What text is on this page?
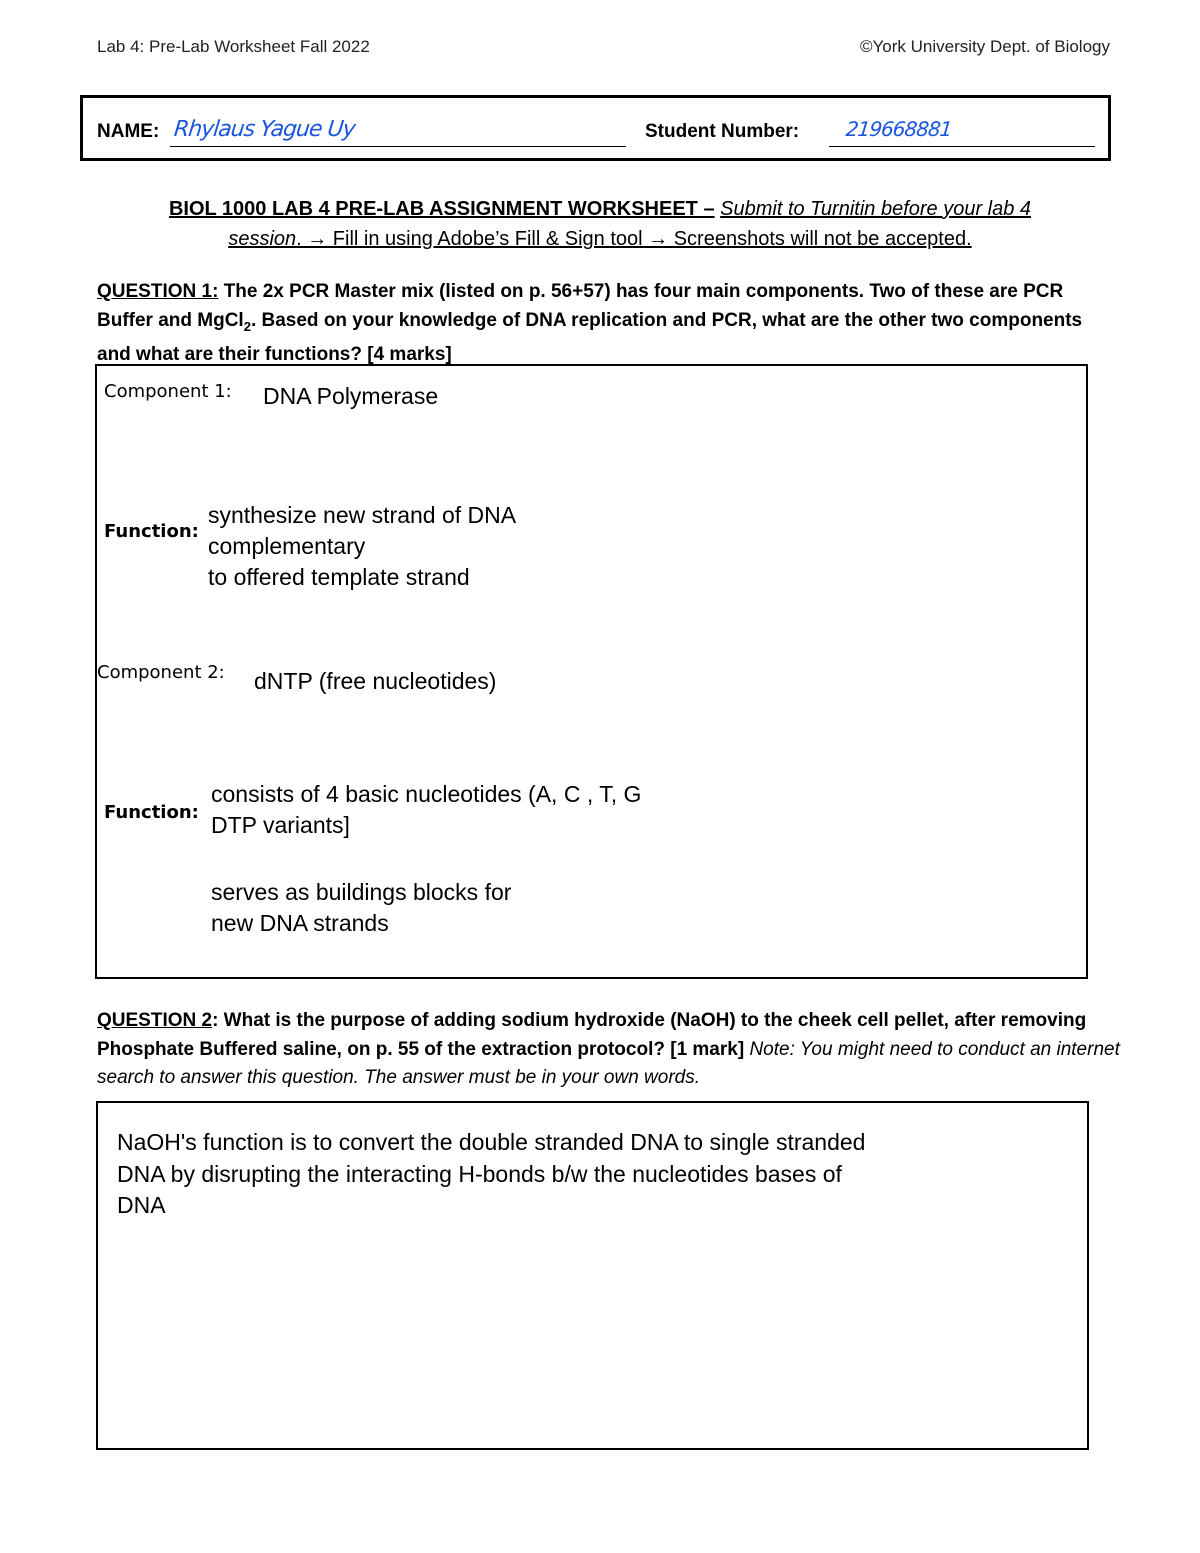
Lab 4: Pre-Lab Worksheet Fall 2022	©York University Dept. of Biology
NAME: Rhylaus Yague Uy	Student Number: 219668881
BIOL 1000 LAB 4 PRE-LAB ASSIGNMENT WORKSHEET – Submit to Turnitin before your lab 4
session. → Fill in using Adobe’s Fill & Sign tool → Screenshots will not be accepted.
QUESTION 1: The 2x PCR Master mix (listed on p. 56+57) has four main components. Two of these are PCR Buffer and MgCl$_2$. Based on your knowledge of DNA replication and PCR, what are the other two components and what are their functions? [4 marks]
Component 1: DNA Polymerase
Function:
synthesize new strand of DNA
complementary
to offered template strand
Component 2: dNTP (free nucleotides)
Function:
consists of 4 basic nucleotides (A, C , T, G
DTP variants]
serves as buildings blocks for
new DNA strands
QUESTION 2: What is the purpose of adding sodium hydroxide (NaOH) to the cheek cell pellet, after removing Phosphate Buffered saline, on p. 55 of the extraction protocol? [1 mark] Note: You might need to conduct an internet search to answer this question. The answer must be in your own words.
NaOH's function is to convert the double stranded DNA to single stranded
DNA by disrupting the interacting H-bonds b/w the nucleotides bases of
DNA
